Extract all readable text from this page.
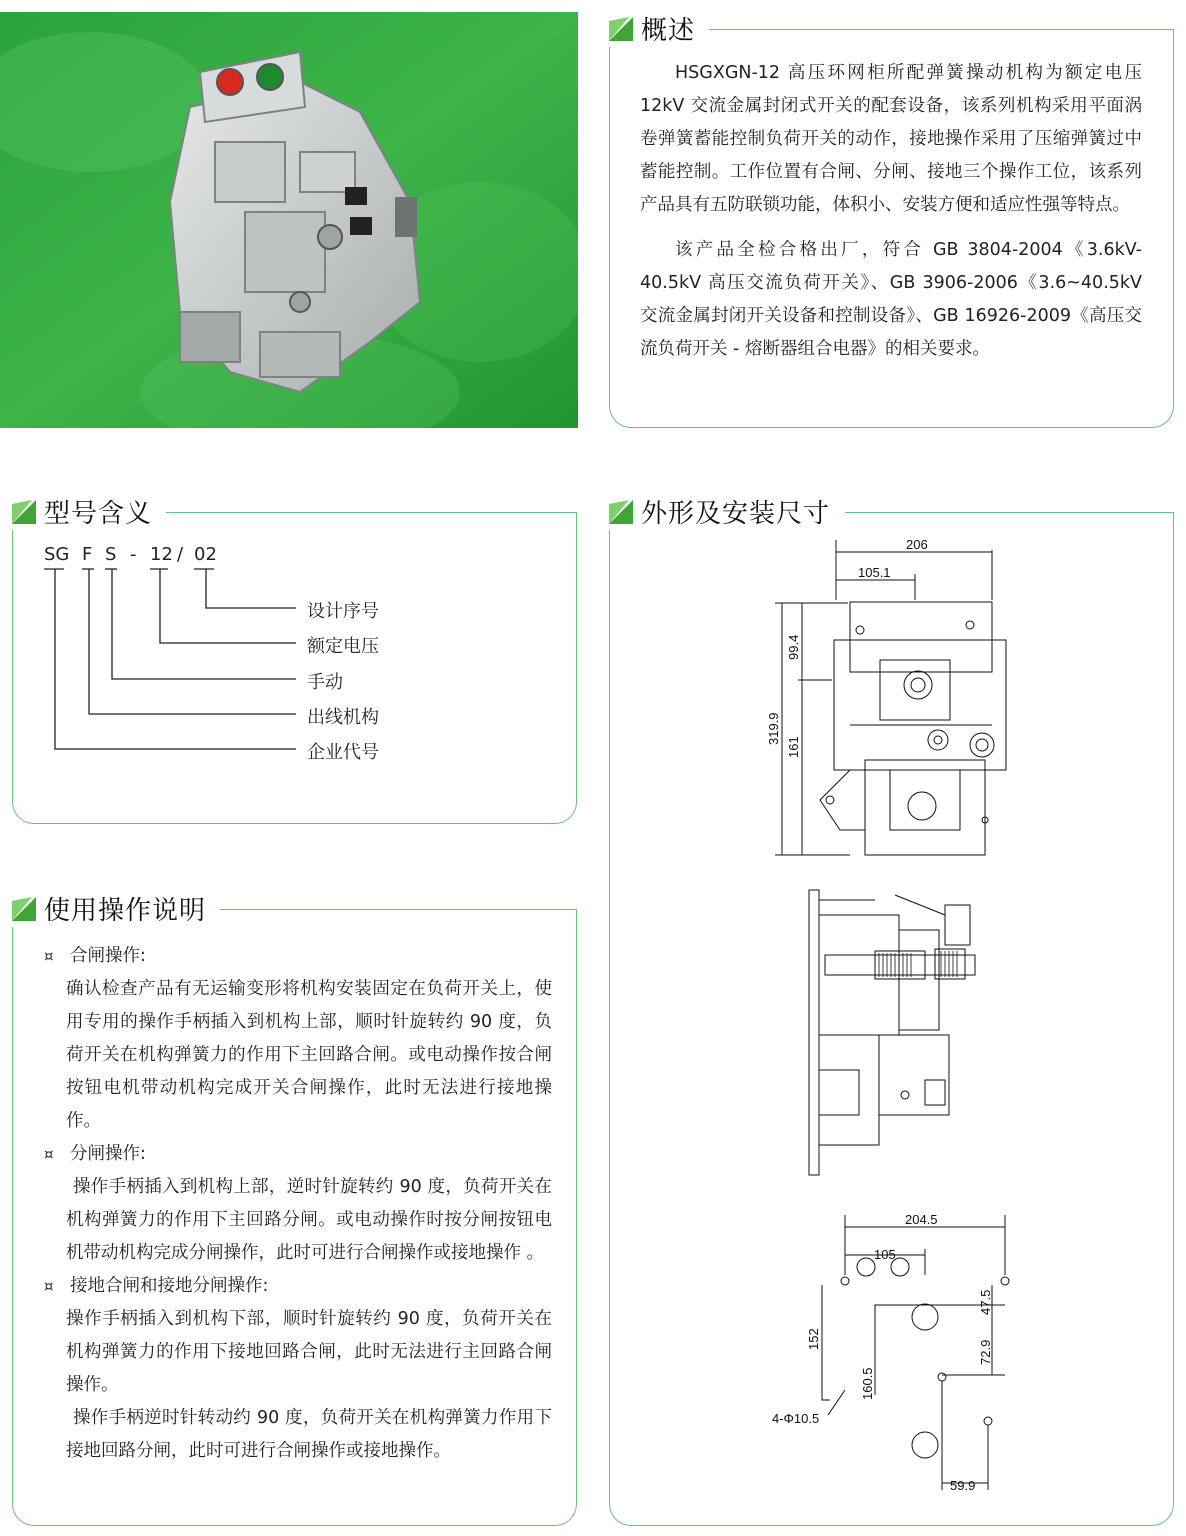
概述

HSGXGN-12 高压环网柜所配弹簧操动机构为额定电压 12kV 交流金属封闭式开关的配套设备，该系列机构采用平面涡卷弹簧蓄能控制负荷开关的动作，接地操作采用了压缩弹簧过中蓄能控制。工作位置有合闸、分闸、接地三个操作工位，该系列产品具有五防联锁功能，体积小、安装方便和适应性强等特点。

该产品全检合格出厂，符合 GB 3804-2004《3.6kV-40.5kV 高压交流负荷开关》、GB 3906-2006《3.6~40.5kV 交流金属封闭开关设备和控制设备》、GB 16926-2009《高压交流负荷开关 - 熔断器组合电器》的相关要求。

型号含义
SG F S - 12 / 02
设计序号
额定电压
手动
出线机构
企业代号
使用操作说明
¤ 合闸操作:
确认检查产品有无运输变形将机构安装固定在负荷开关上，使用专用的操作手柄插入到机构上部，顺时针旋转约 90 度，负荷开关在机构弹簧力的作用下主回路合闸。或电动操作按合闸按钮电机带动机构完成开关合闸操作，此时无法进行接地操作。
¤ 分闸操作:
操作手柄插入到机构上部，逆时针旋转约 90 度，负荷开关在机构弹簧力的作用下主回路分闸。或电动操作时按分闸按钮电机带动机构完成分闸操作，此时可进行合闸操作或接地操作 。
¤ 接地合闸和接地分闸操作:
操作手柄插入到机构下部，顺时针旋转约 90 度，负荷开关在机构弹簧力的作用下接地回路合闸，此时无法进行主回路合闸操作。
操作手柄逆时针转动约 90 度，负荷开关在机构弹簧力作用下接地回路分闸，此时可进行合闸操作或接地操作。
外形及安装尺寸
206
105.1
319.9
99.4
161
204.5
105
47.5
72.9
152
160.5
4-Φ10.5
59.9
